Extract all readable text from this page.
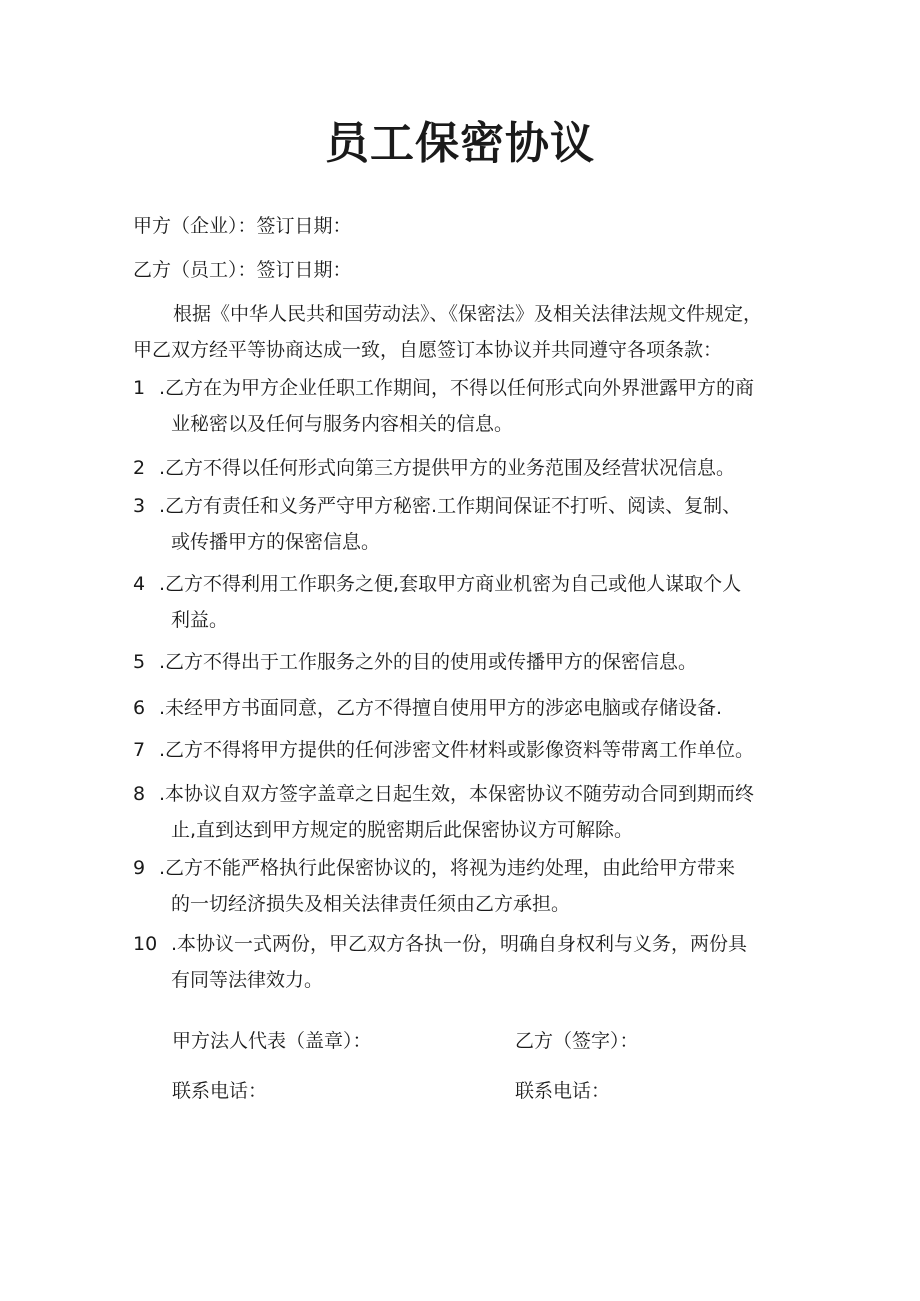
员工保密协议
甲方（企业）：签订日期：
乙方（员工）：签订日期：

根据《中华人民共和国劳动法》、《保密法》及相关法律法规文件规定，

甲乙双方经平等协商达成一致，自愿签订本协议并共同遵守各项条款：

1 .乙方在为甲方企业任职工作期间，不得以任何形式向外界泄露甲方的商
业秘密以及任何与服务内容相关的信息。
2 .乙方不得以任何形式向第三方提供甲方的业务范围及经营状况信息。
3 .乙方有责任和义务严守甲方秘密.工作期间保证不打听、阅读、复制、
或传播甲方的保密信息。
4 .乙方不得利用工作职务之便,套取甲方商业机密为自己或他人谋取个人
利益。
5 .乙方不得出于工作服务之外的目的使用或传播甲方的保密信息。
6 .未经甲方书面同意，乙方不得擅自使用甲方的涉宓电脑或存储设备.
7 .乙方不得将甲方提供的任何涉密文件材料或影像资料等带离工作单位。
8 .本协议自双方签字盖章之日起生效，本保密协议不随劳动合同到期而终
止,直到达到甲方规定的脱密期后此保密协议方可解除。
9 .乙方不能严格执行此保密协议的，将视为违约处理，由此给甲方带来
的一切经济损失及相关法律责任须由乙方承担。
10 .本协议一式两份，甲乙双方各执一份，明确自身权利与义务，两份具
有同等法律效力。
甲方法人代表（盖章）：	乙方（签字）：
联系电话：	联系电话：
